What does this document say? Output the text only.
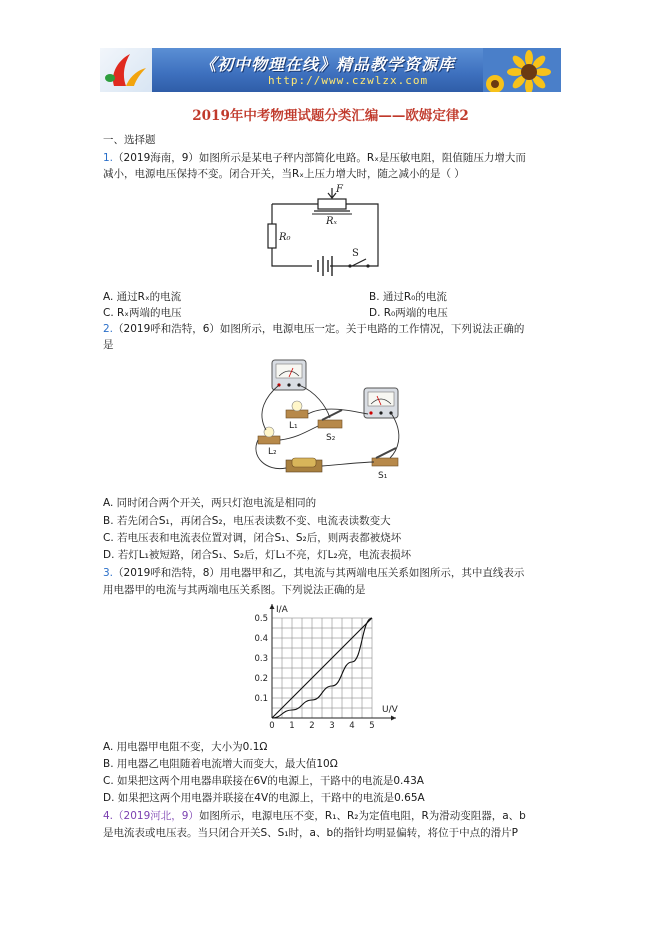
《初中物理在线》精品教学资源库
http://www.czwlzx.com
2019年中考物理试题分类汇编——欧姆定律2
一、选择题
1.（2019海南，9）如图所示是某电子秤内部简化电路。Rₓ是压敏电阻，阻值随压力增大而
减小，电源电压保持不变。闭合开关，当Rₓ上压力增大时，随之减小的是（ ）
F
Rₓ
R₀
S
A. 通过Rₓ的电流	B. 通过R₀的电流
C. Rₓ两端的电压	D. R₀两端的电压
2.（2019呼和浩特，6）如图所示，电源电压一定。关于电路的工作情况，下列说法正确的
是
L₁
L₂
S₂
S₁
A. 同时闭合两个开关，两只灯泡电流是相同的
B. 若先闭合S₁，再闭合S₂，电压表读数不变、电流表读数变大
C. 若电压表和电流表位置对调，闭合S₁、S₂后，则两表都被烧坏
D. 若灯L₁被短路，闭合S₁、S₂后，灯L₁不亮，灯L₂亮，电流表损坏
3.（2019呼和浩特，8）用电器甲和乙，其电流与其两端电压关系如图所示，其中直线表示
用电器甲的电流与其两端电压关系图。下列说法正确的是
0 1 2 3 4 5
0.1
0.2
0.3
0.4
0.5
I/A
U/V
A. 用电器甲电阻不变，大小为0.1Ω
B. 用电器乙电阻随着电流增大而变大，最大值10Ω
C. 如果把这两个用电器串联接在6V的电源上，干路中的电流是0.43A
D. 如果把这两个用电器并联接在4V的电源上，干路中的电流是0.65A
4.（2019河北，9）如图所示，电源电压不变，R₁、R₂为定值电阻，R为滑动变阻器，a、b
是电流表或电压表。当只闭合开关S、S₁时，a、b的指针均明显偏转，将位于中点的滑片P
